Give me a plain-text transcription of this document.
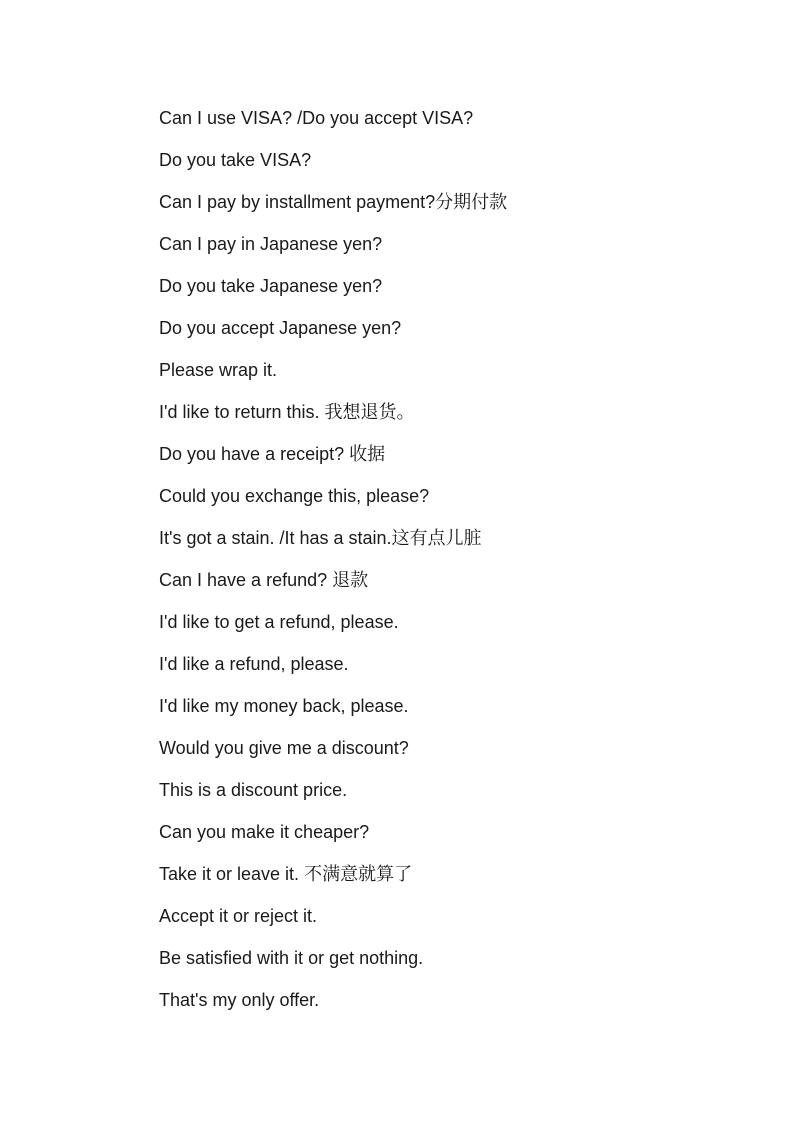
Can I use VISA? /Do you accept VISA?
Do you take VISA?
Can I pay by installment payment?分期付款
Can I pay in Japanese yen?
Do you take Japanese yen?
Do you accept Japanese yen?
Please wrap it.
I'd like to return this. 我想退货。
Do you have a receipt? 收据
Could you exchange this, please?
It's got a stain. /It has a stain.这有点儿脏
Can I have a refund? 退款
I'd like to get a refund, please.
I'd like a refund, please.
I'd like my money back, please.
Would you give me a discount?
This is a discount price.
Can you make it cheaper?
Take it or leave it. 不满意就算了
Accept it or reject it.
Be satisfied with it or get nothing.
That's my only offer.
